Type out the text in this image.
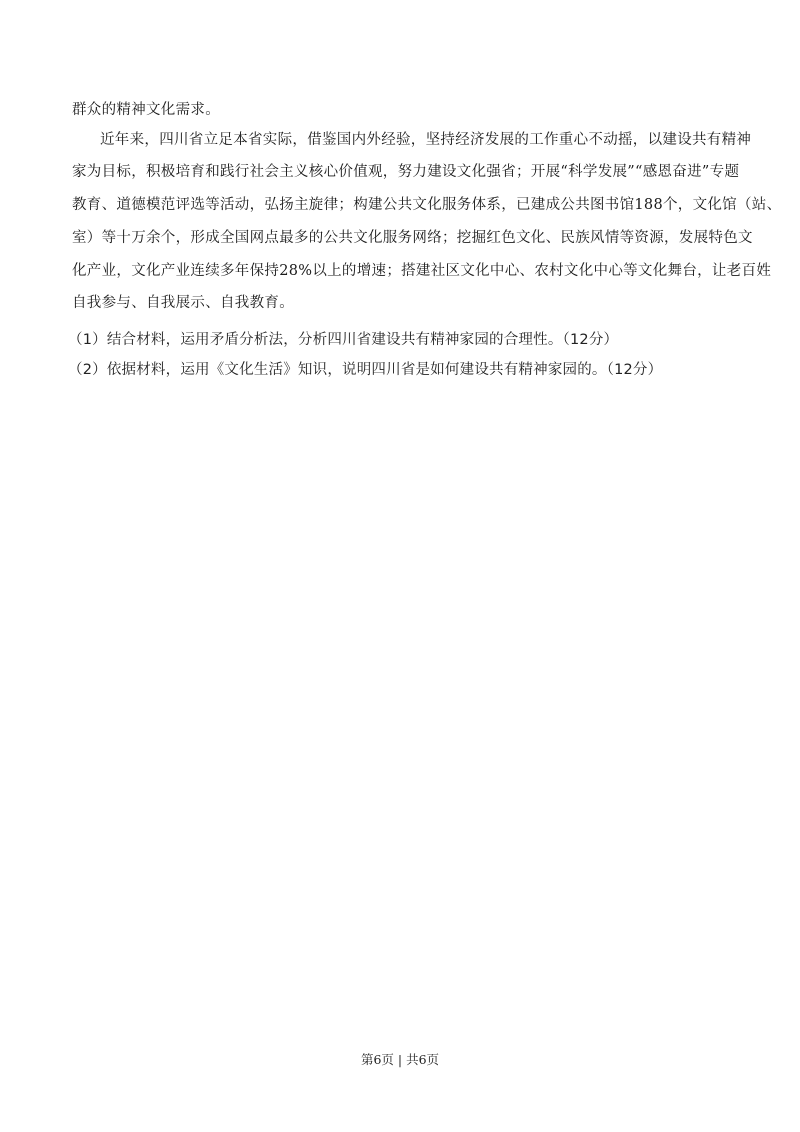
群众的精神文化需求。
近年来，四川省立足本省实际，借鉴国内外经验，坚持经济发展的工作重心不动摇，以建设共有精神
家为目标，积极培育和践行社会主义核心价值观，努力建设文化强省；开展“科学发展”“感恩奋进”专题
教育、道德模范评选等活动，弘扬主旋律；构建公共文化服务体系，已建成公共图书馆188个，文化馆（站、
室）等十万余个，形成全国网点最多的公共文化服务网络；挖掘红色文化、民族风情等资源，发展特色文
化产业，文化产业连续多年保持28%以上的增速；搭建社区文化中心、农村文化中心等文化舞台，让老百姓
自我参与、自我展示、自我教育。
（1）结合材料，运用矛盾分析法，分析四川省建设共有精神家园的合理性。（12分）
（2）依据材料，运用《文化生活》知识，说明四川省是如何建设共有精神家园的。（12分）
第6页 | 共6页
